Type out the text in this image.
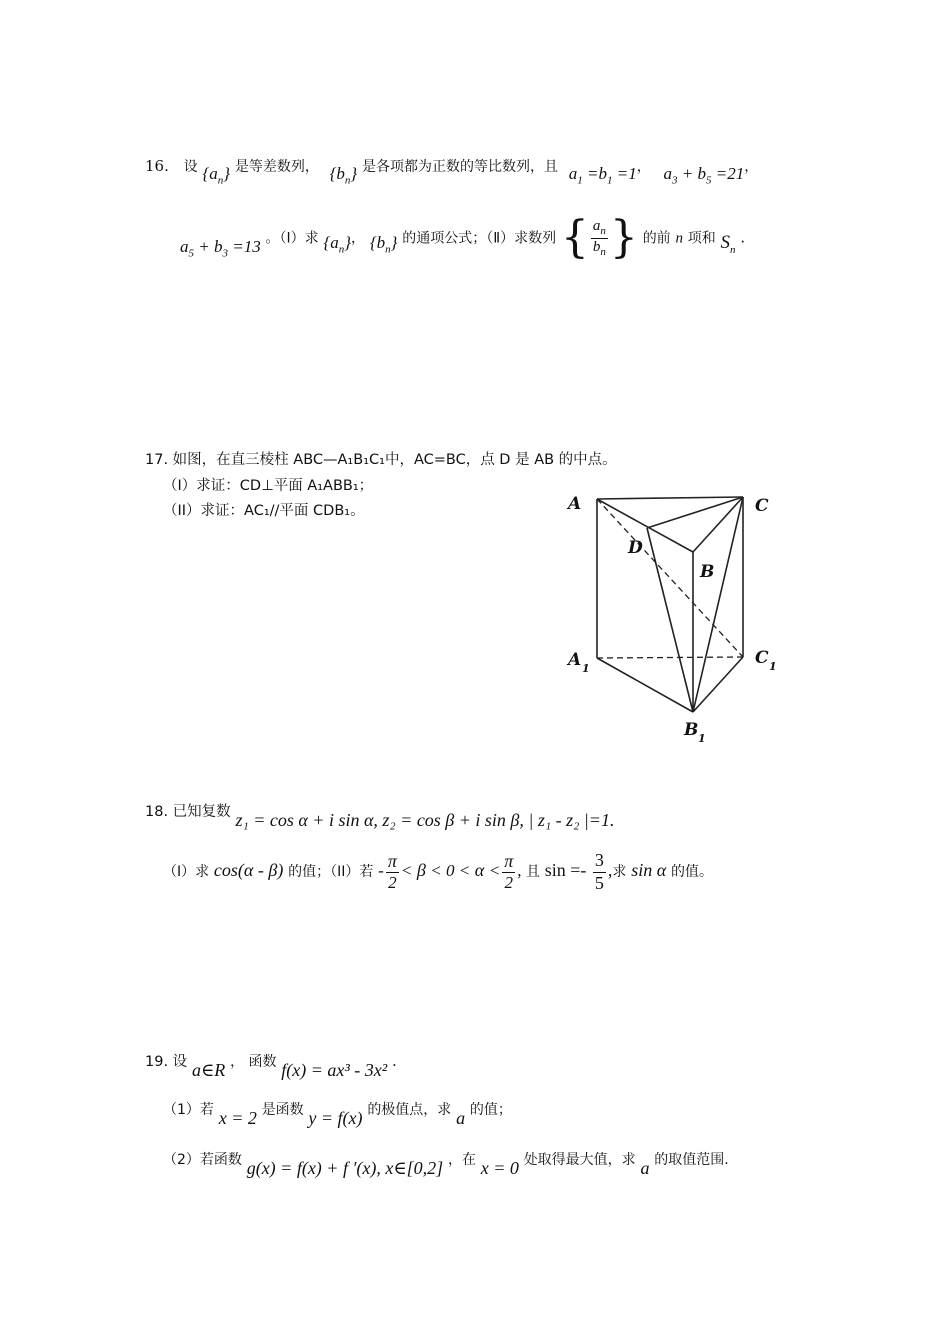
16. 设 $\{a_n\}$ 是等差数列， $\{b_n\}$ 是各项都为正数的等比数列，且 $a_1 =b_1 =1$， $a_3 + b_5 =21$，
$a_5 + b_3 =13$ 。（Ⅰ）求 $\{a_n\}$， $\{b_n\}$ 的通项公式；（Ⅱ）求数列 { $\frac{a_n}{b_n}$ } 的前 n 项和 $S_n$ .
17. 如图，在直三棱柱 ABC—A₁B₁C₁中，AC=BC，点 D 是 AB 的中点。
（I）求证：CD⊥平面 A₁ABB₁；
（II）求证：AC₁//平面 CDB₁。	A	C
D
B
A 1
C 1
B 1
18. 已知复数 z₁ = cos α + i sin α, z₂ = cos β + i sin β, | z₁ - z₂ |=1.
（I）求 cos(α - β) 的值；（II）若 - $\frac{\pi}{2} < \beta < 0 < \alpha < \frac{\pi}{2}$ , 且 $\sin =- \frac{3}{5}$ ,求 sin α 的值。
19. 设 a∈R ， 函数 f(x) = ax³ - 3x² .
（1）若 x = 2 是函数 y = f(x) 的极值点，求 a 的值；
（2）若函数 g(x) = f(x) + f ′(x), x∈[0,2] ，在 x = 0 处取得最大值，求 a 的取值范围.
